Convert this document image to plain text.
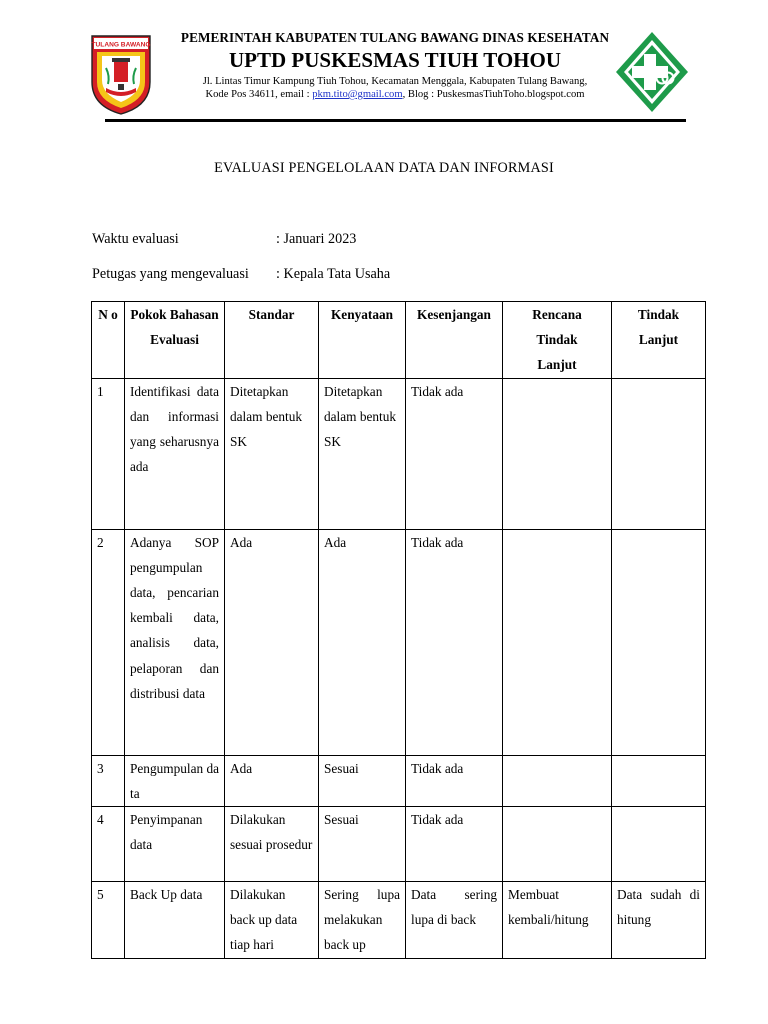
TULANG BAWANG	PEMERINTAH KABUPATEN TULANG BAWANG DINAS KESEHATAN
UPTD PUSKESMAS TIUH TOHOU
Jl. Lintas Timur Kampung Tiuh Tohou, Kecamatan Menggala, Kabupaten Tulang Bawang,
Kode Pos 34611, email : pkm.tito@gmail.com, Blog : PuskesmasTiuhToho.blogspot.com
EVALUASI PENGELOLAAN DATA DAN INFORMASI
Waktu evaluasi	: Januari 2023
Petugas yang mengevaluasi : Kepala Tata Usaha
N o	Pokok Bahasan Evaluasi	Standar	Kenyataan	Kesenjangan	Rencana Tindak Lanjut	Tindak Lanjut
1	Identifikasi data dan informasi yang seharusnya ada	Ditetapkan dalam bentuk SK	Ditetapkan dalam bentuk SK	Tidak ada		
2	Adanya SOP pengumpulan data, pencarian kembali data, analisis data, pelaporan dan distribusi data	Ada	Ada	Tidak ada		
3	Pengumpulan data	Ada	Sesuai	Tidak ada		
4	Penyimpanan data	Dilakukan sesuai prosedur	Sesuai	Tidak ada		
5	Back Up data	Dilakukan back up data tiap hari	Sering lupa melakukan back up	Data sering lupa di back	Membuat kembali/hitung	Data sudah di hitung
